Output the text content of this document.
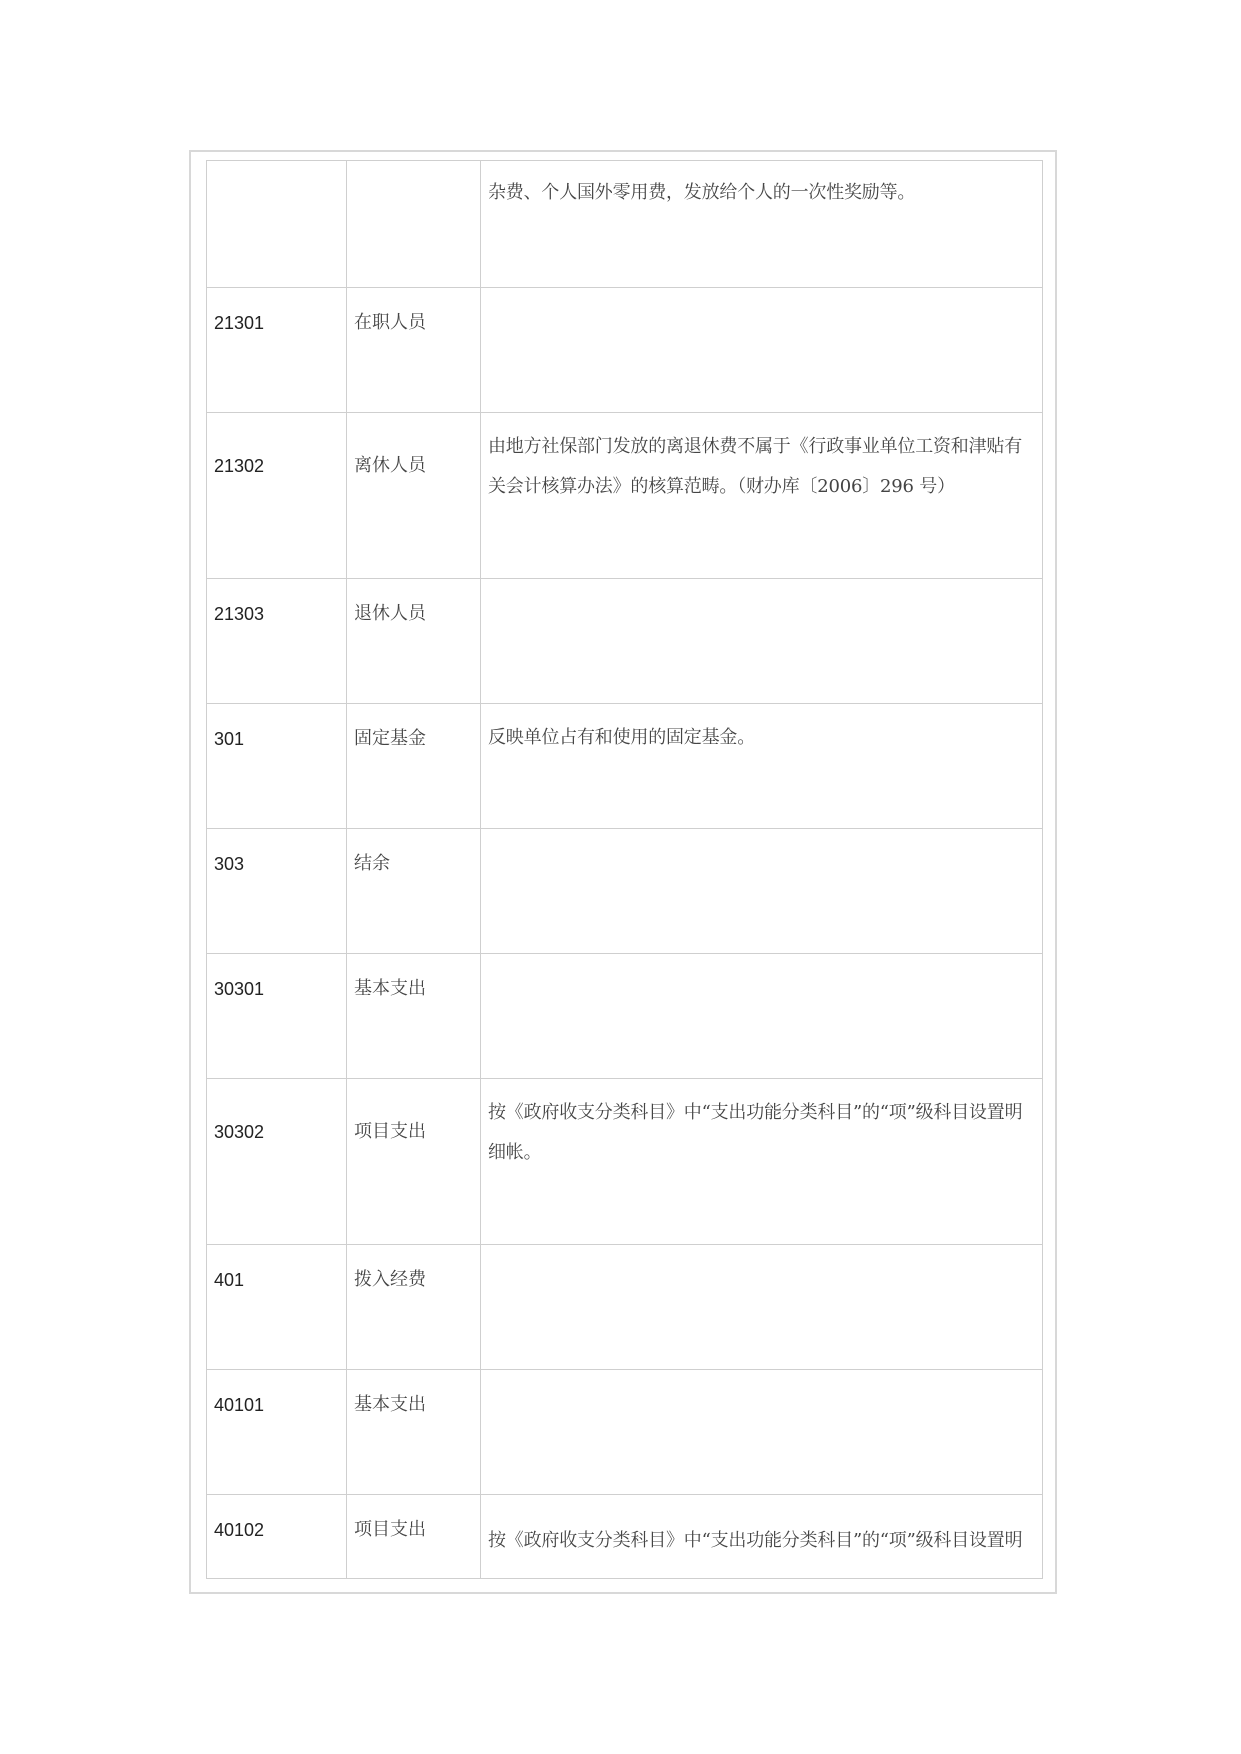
		杂费、个人国外零用费，发放给个人的一次性奖励等。

21301	在职人员	

21302	离休人员	由地方社保部门发放的离退休费不属于《行政事业单位工资和津贴有关会计核算办法》的核算范畴。（财办库〔2006〕296 号）

21303	退休人员	

301	固定基金	反映单位占有和使用的固定基金。

303	结余	

30301	基本支出	

30302	项目支出	按《政府收支分类科目》中“支出功能分类科目”的“项”级科目设置明细帐。

401	拨入经费	

40101	基本支出	

40102	项目支出	按《政府收支分类科目》中“支出功能分类科目”的“项”级科目设置明
